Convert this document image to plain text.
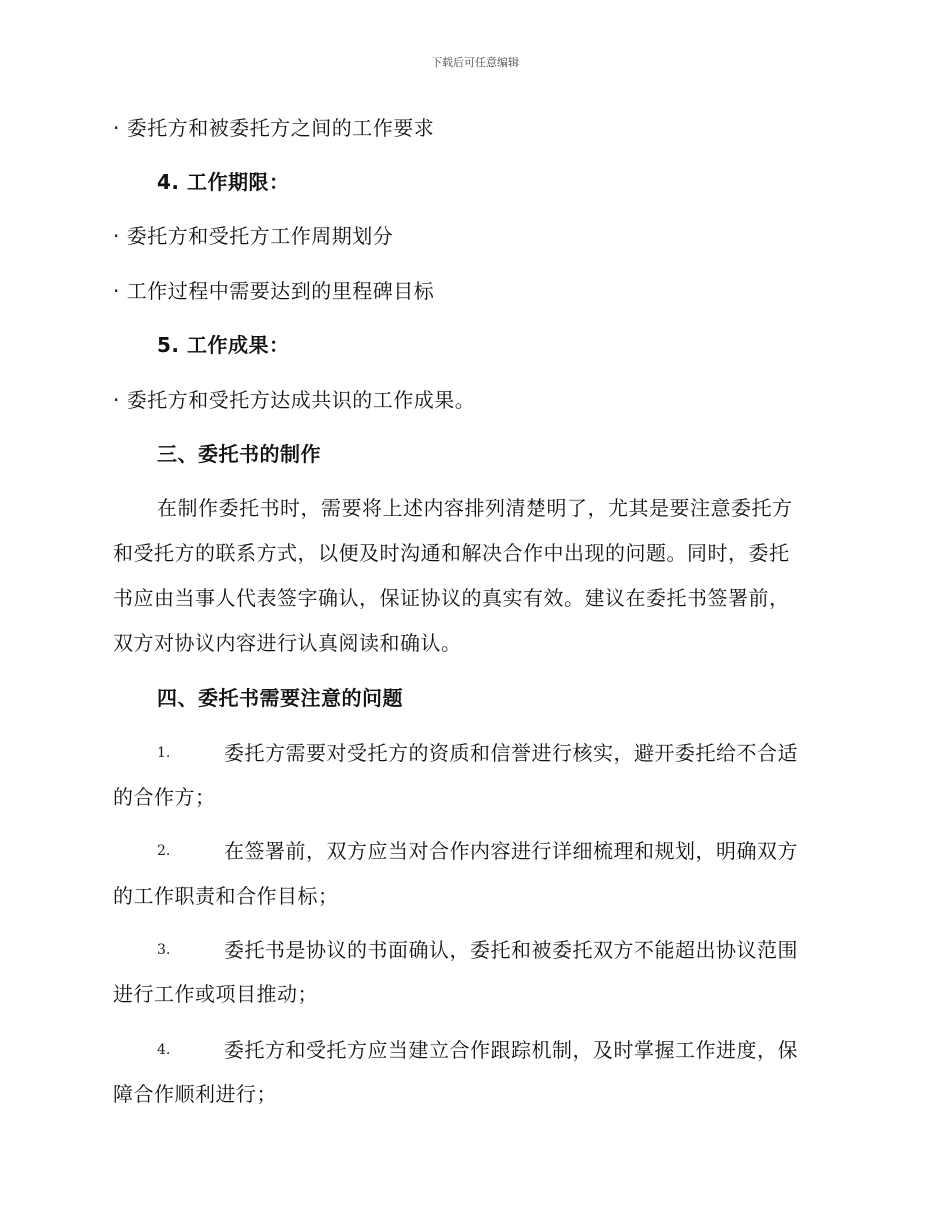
下载后可任意编辑
· 委托方和被委托方之间的工作要求
4. 工作期限：
· 委托方和受托方工作周期划分
· 工作过程中需要达到的里程碑目标
5. 工作成果：
· 委托方和受托方达成共识的工作成果。
三、委托书的制作
在制作委托书时，需要将上述内容排列清楚明了，尤其是要注意委托方
和受托方的联系方式，以便及时沟通和解决合作中出现的问题。同时，委托
书应由当事人代表签字确认，保证协议的真实有效。建议在委托书签署前，
双方对协议内容进行认真阅读和确认。
四、委托书需要注意的问题
1.	委托方需要对受托方的资质和信誉进行核实，避开委托给不合适
的合作方；
2.	在签署前，双方应当对合作内容进行详细梳理和规划，明确双方
的工作职责和合作目标；
3.	委托书是协议的书面确认，委托和被委托双方不能超出协议范围
进行工作或项目推动；
4.	委托方和受托方应当建立合作跟踪机制，及时掌握工作进度，保
障合作顺利进行；
